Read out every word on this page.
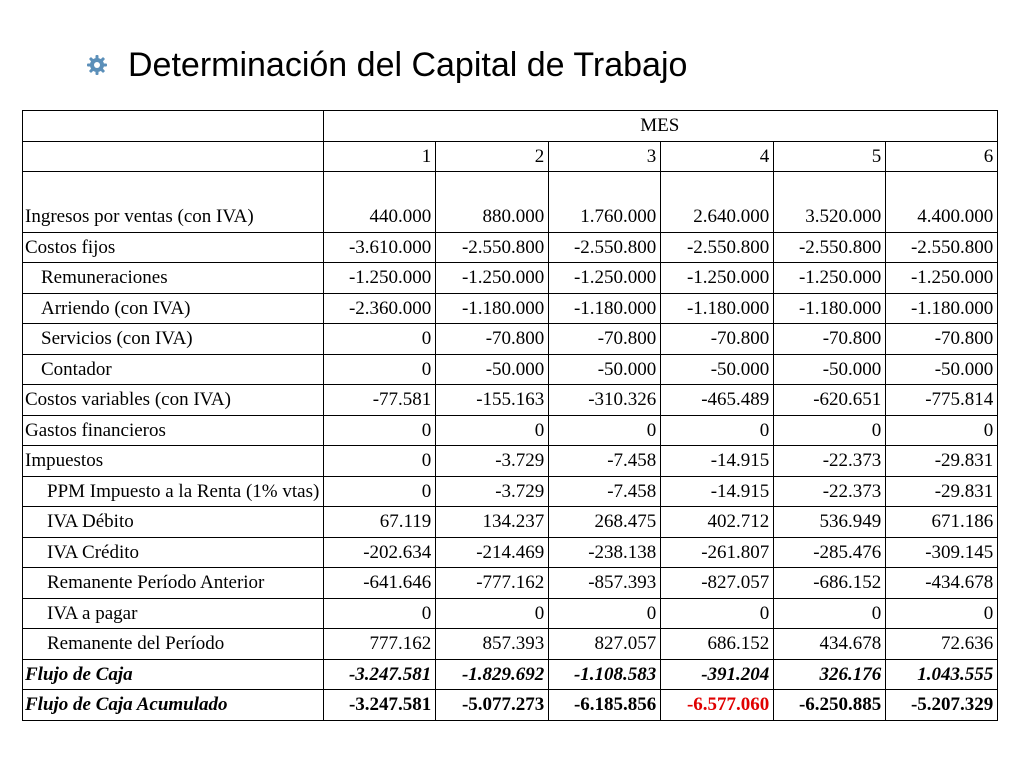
Determinación del Capital de Trabajo
	MES					
	1	2	3	4	5	6

Ingresos por ventas (con IVA)	440.000	880.000	1.760.000	2.640.000	3.520.000	4.400.000
Costos fijos	-3.610.000	-2.550.800	-2.550.800	-2.550.800	-2.550.800	-2.550.800
Remuneraciones	-1.250.000	-1.250.000	-1.250.000	-1.250.000	-1.250.000	-1.250.000
Arriendo (con IVA)	-2.360.000	-1.180.000	-1.180.000	-1.180.000	-1.180.000	-1.180.000
Servicios (con IVA)	0	-70.800	-70.800	-70.800	-70.800	-70.800
Contador	0	-50.000	-50.000	-50.000	-50.000	-50.000
Costos variables (con IVA)	-77.581	-155.163	-310.326	-465.489	-620.651	-775.814
Gastos financieros	0	0	0	0	0	0
Impuestos	0	-3.729	-7.458	-14.915	-22.373	-29.831
PPM Impuesto a la Renta (1% vtas)	0	-3.729	-7.458	-14.915	-22.373	-29.831
IVA Débito	67.119	134.237	268.475	402.712	536.949	671.186
IVA Crédito	-202.634	-214.469	-238.138	-261.807	-285.476	-309.145
Remanente Período Anterior	-641.646	-777.162	-857.393	-827.057	-686.152	-434.678
IVA a pagar	0	0	0	0	0	0
Remanente del Período	777.162	857.393	827.057	686.152	434.678	72.636
Flujo de Caja	-3.247.581	-1.829.692	-1.108.583	-391.204	326.176	1.043.555
Flujo de Caja Acumulado	-3.247.581	-5.077.273	-6.185.856	-6.577.060	-6.250.885	-5.207.329
